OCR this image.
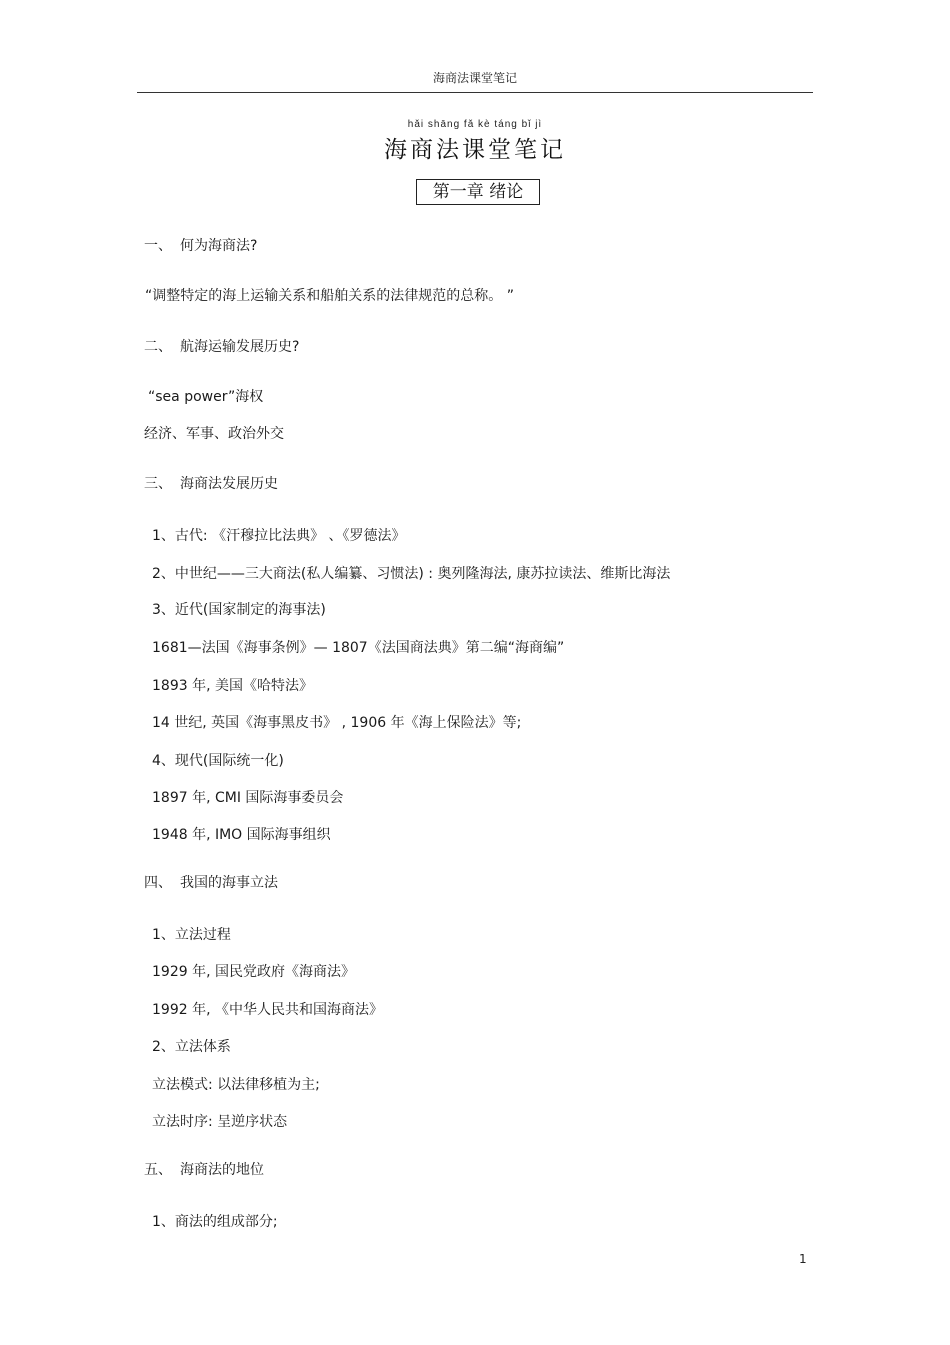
海商法课堂笔记
hǎi shāng fǎ kè táng bǐ jì
海商法课堂笔记
第一章 绪论
一、 何为海商法?
“调整特定的海上运输关系和船舶关系的法律规范的总称。 ”
二、 航海运输发展历史?
“sea power”海权
经济、军事、政治外交
三、 海商法发展历史
1、古代: 《汗穆拉比法典》 、《罗德法》
2、中世纪——三大商法(私人编纂、习惯法) : 奥列隆海法, 康苏拉读法、维斯比海法
3、近代(国家制定的海事法)
1681—法国《海事条例》— 1807《法国商法典》第二编“海商编”
1893 年, 美国《哈特法》
14 世纪, 英国《海事黑皮书》 , 1906 年《海上保险法》等;
4、现代(国际统一化)
1897 年, CMI 国际海事委员会
1948 年, IMO 国际海事组织
四、 我国的海事立法
1、立法过程
1929 年, 国民党政府《海商法》
1992 年, 《中华人民共和国海商法》
2、立法体系
立法模式: 以法律移植为主;
立法时序: 呈逆序状态
五、 海商法的地位
1、商法的组成部分;
1
